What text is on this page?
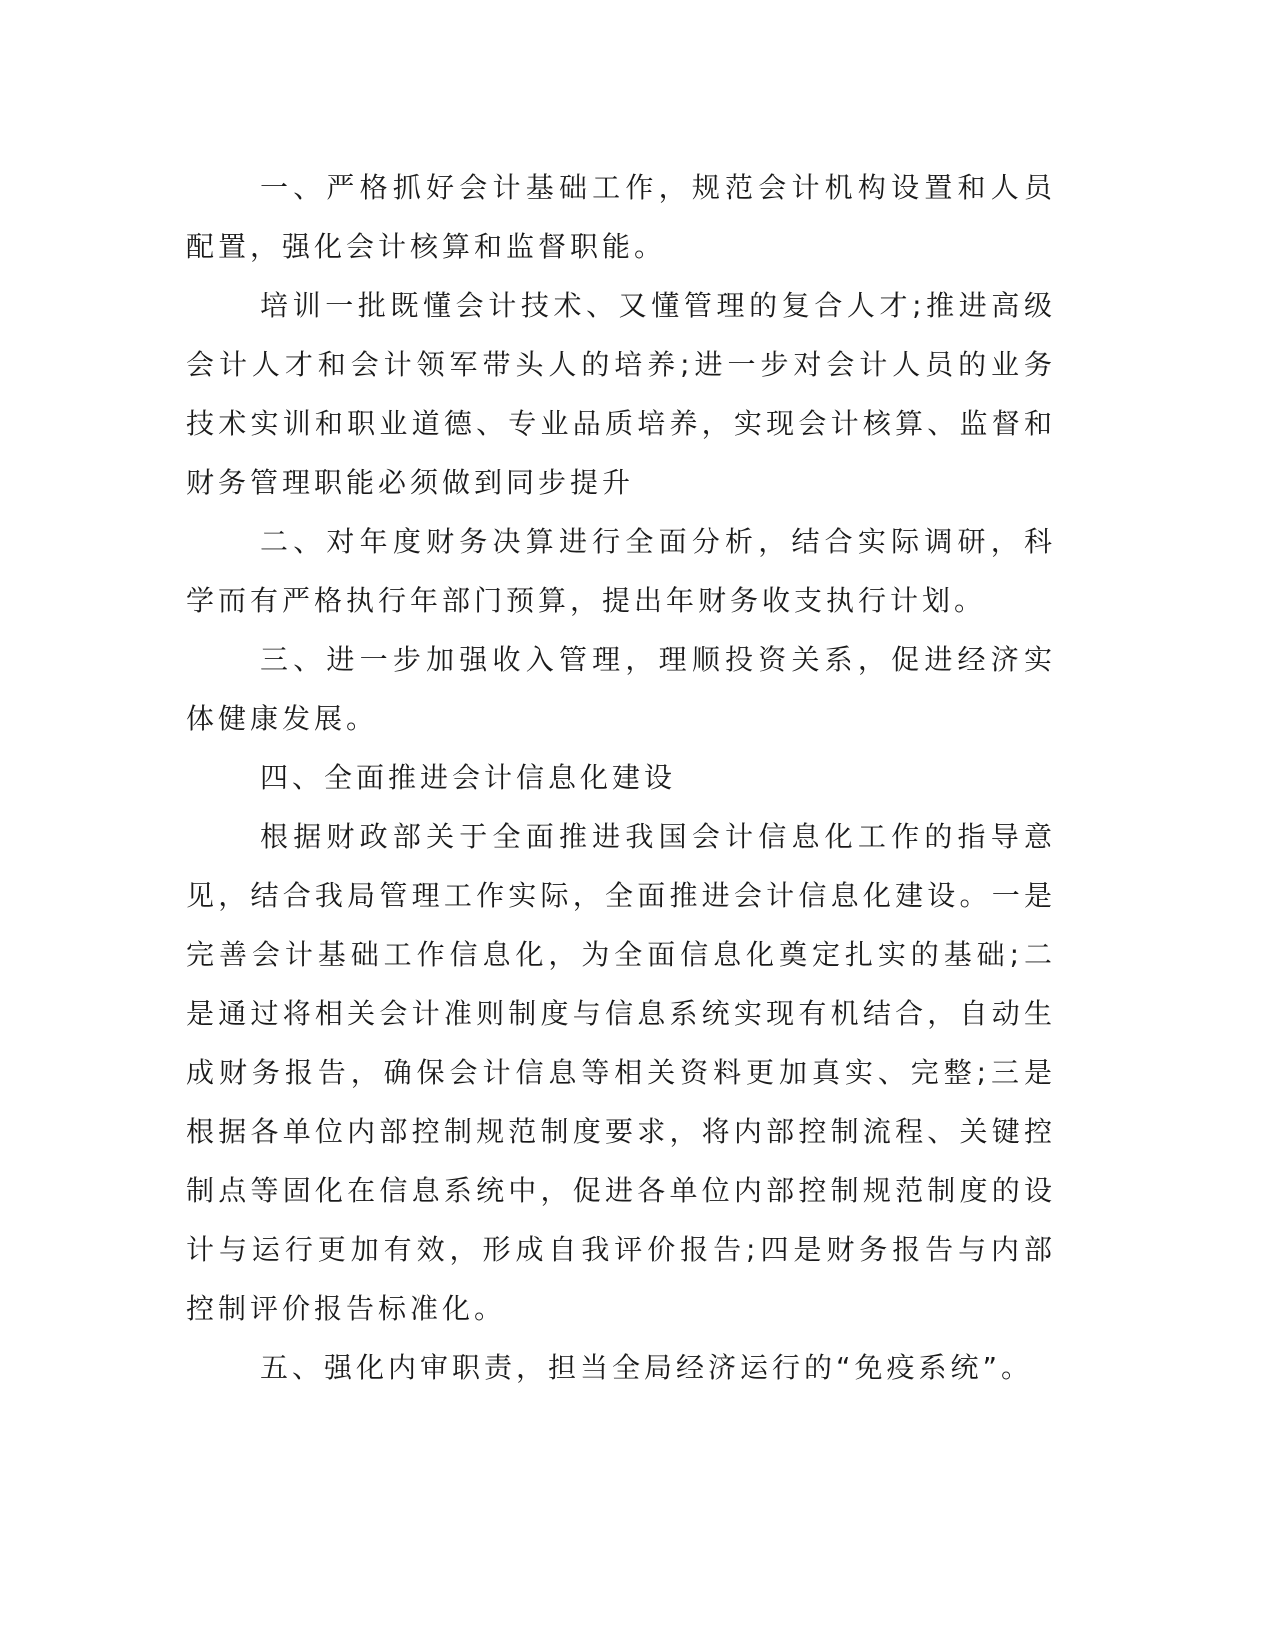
一、严格抓好会计基础工作，规范会计机构设置和人员配置，强化会计核算和监督职能。

培训一批既懂会计技术、又懂管理的复合人才;推进高级会计人才和会计领军带头人的培养;进一步对会计人员的业务技术实训和职业道德、专业品质培养，实现会计核算、监督和财务管理职能必须做到同步提升

二、对年度财务决算进行全面分析，结合实际调研，科学而有严格执行年部门预算，提出年财务收支执行计划。

三、进一步加强收入管理，理顺投资关系，促进经济实体健康发展。

四、全面推进会计信息化建设

根据财政部关于全面推进我国会计信息化工作的指导意见，结合我局管理工作实际，全面推进会计信息化建设。一是完善会计基础工作信息化，为全面信息化奠定扎实的基础;二是通过将相关会计准则制度与信息系统实现有机结合，自动生成财务报告，确保会计信息等相关资料更加真实、完整;三是根据各单位内部控制规范制度要求，将内部控制流程、关键控制点等固化在信息系统中，促进各单位内部控制规范制度的设计与运行更加有效，形成自我评价报告;四是财务报告与内部控制评价报告标准化。

五、强化内审职责，担当全局经济运行的“免疫系统”。
